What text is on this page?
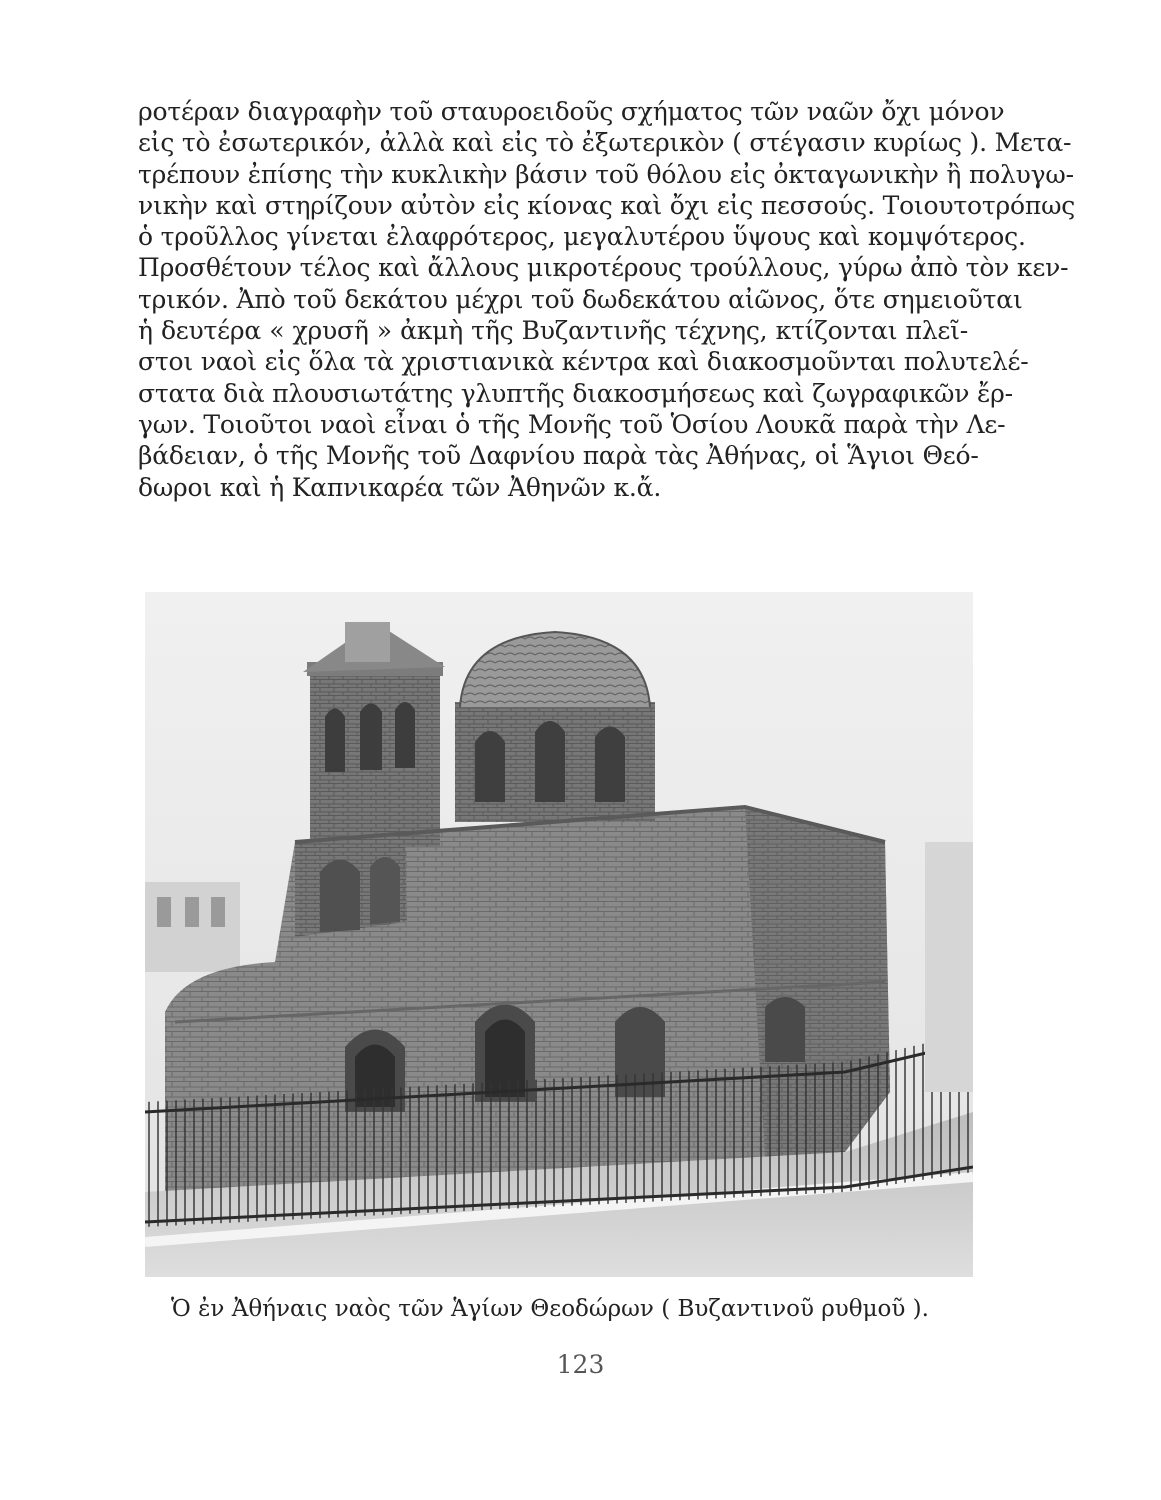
ροτέραν διαγραφὴν τοῦ σταυροειδοῦς σχήματος τῶν ναῶν ὄχι μόνον
εἰς τὸ ἐσωτερικόν, ἀλλὰ καὶ εἰς τὸ ἐξωτερικὸν ( στέγασιν κυρίως ). Μετα-
τρέπουν ἐπίσης τὴν κυκλικὴν βάσιν τοῦ θόλου εἰς ὀκταγωνικὴν ἢ πολυγω-
νικὴν καὶ στηρίζουν αὐτὸν εἰς κίονας καὶ ὄχι εἰς πεσσούς. Τοιουτοτρόπως
ὁ τροῦλλος γίνεται ἐλαφρότερος, μεγαλυτέρου ὕψους καὶ κομψότερος.
Προσθέτουν τέλος καὶ ἄλλους μικροτέρους τρούλλους, γύρω ἀπὸ τὸν κεν-
τρικόν. Ἀπὸ τοῦ δεκάτου μέχρι τοῦ δωδεκάτου αἰῶνος, ὅτε σημειοῦται
ἡ δευτέρα « χρυσῆ » ἀκμὴ τῆς Βυζαντινῆς τέχνης, κτίζονται πλεῖ-
στοι ναοὶ εἰς ὅλα τὰ χριστιανικὰ κέντρα καὶ διακοσμοῦνται πολυτελέ-
στατα διὰ πλουσιωτάτης γλυπτῆς διακοσμήσεως καὶ ζωγραφικῶν ἔρ-
γων. Τοιοῦτοι ναοὶ εἶναι ὁ τῆς Μονῆς τοῦ Ὁσίου Λουκᾶ παρὰ τὴν Λε-
βάδειαν, ὁ τῆς Μονῆς τοῦ Δαφνίου παρὰ τὰς Ἀθήνας, οἱ Ἅγιοι Θεό-
δωροι καὶ ἡ Καπνικαρέα τῶν Ἀθηνῶν κ.ἄ.
Ὁ ἐν Ἀθήναις ναὸς τῶν Ἁγίων Θεοδώρων ( Βυζαντινοῦ ρυθμοῦ ).
123
